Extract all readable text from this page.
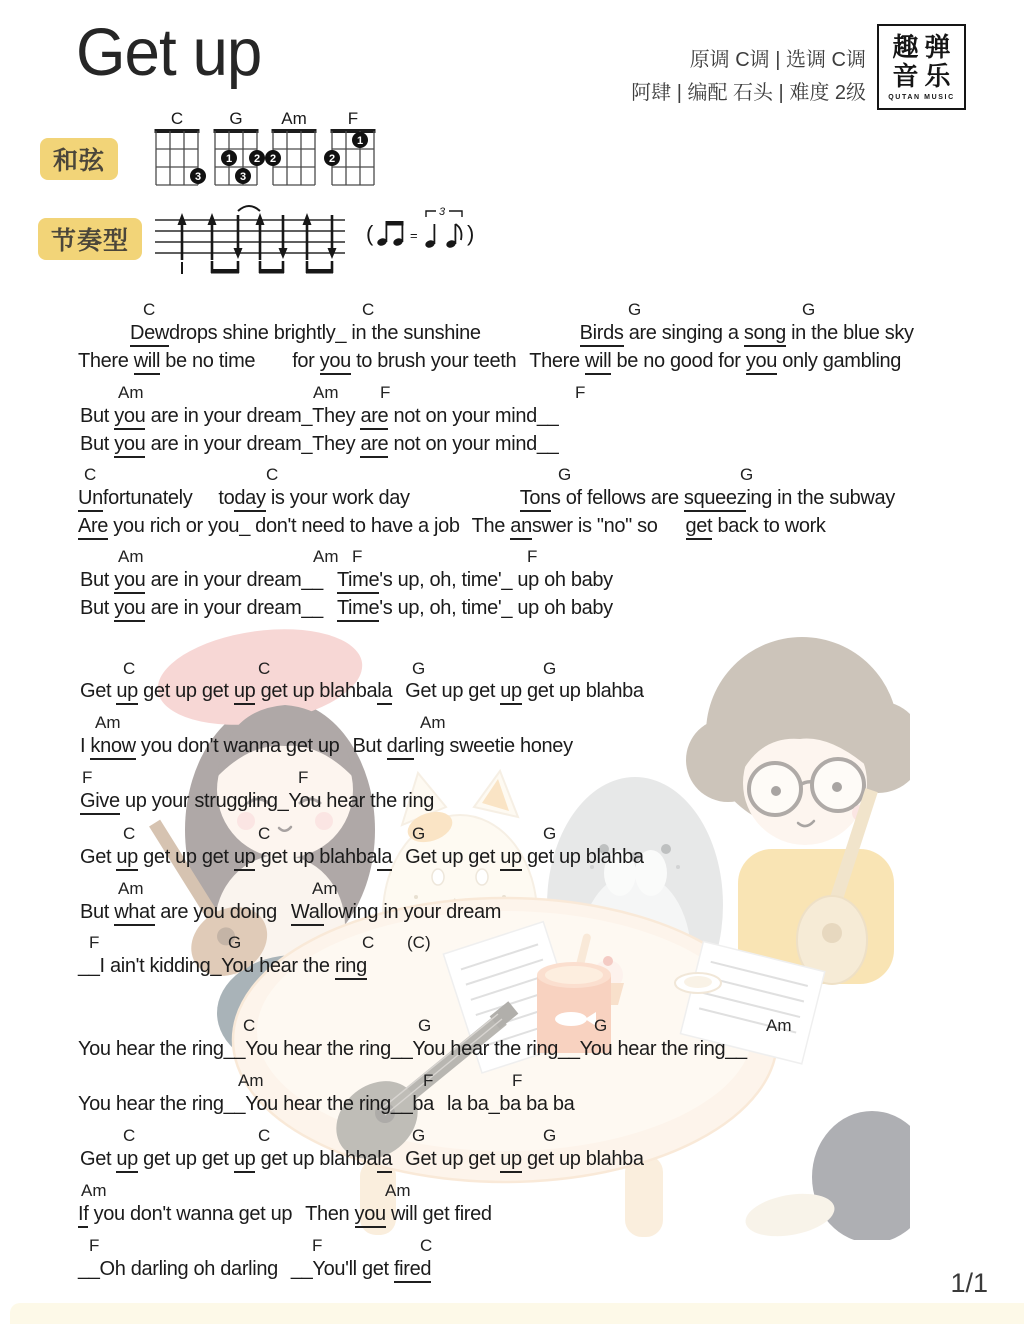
Get up	原调 C调 | 选调 C调
阿肆 | 编配 石头 | 难度 2级
趣弹
音乐
QUTAN MUSIC
和弦
节奏型
C
3
G
1 2
3
Am
2
F
1
2
(	=
3
)
C	C	G	G
Dewdrops shine brightly_ in the sunshine	Birds are singing a song in the blue sky
There will be no time for you to brush your teeth There will be no good for you only gambling
Am	Am F	F
But you are in your dream_They are not on your mind__
But you are in your dream_They are not on your mind__
C	C	G	G
Unfortunately today is your work day	Tons of fellows are squeezing in the subway
Are you rich or you_ don't need to have a job The answer is "no" so get back to work
Am	Am F	F
But you are in your dream__ Time's up, oh, time'_ up oh baby
But you are in your dream__ Time's up, oh, time'_ up oh baby
C	C	G	G
Get up get up get up get up blahbala Get up get up get up blahba
Am	Am
I know you don't wanna get up But darling sweetie honey
F	F
Give up your struggling_You hear the ring
C	C	G	G
Get up get up get up get up blahbala Get up get up get up blahba
Am	Am
But what are you doing Wallowing in your dream
F	G	C (C)
__I ain't kidding_You hear the ring
C	G	G	Am
You hear the ring__You hear the ring__You hear the ring__You hear the ring__
Am	F	F
You hear the ring__You hear the ring__ba la ba_ba ba ba
C	C	G	G
Get up get up get up get up blahbala Get up get up get up blahba
Am	Am
If you don't wanna get up Then you will get fired
F	F	C
__Oh darling oh darling __You'll get fired	1/1
